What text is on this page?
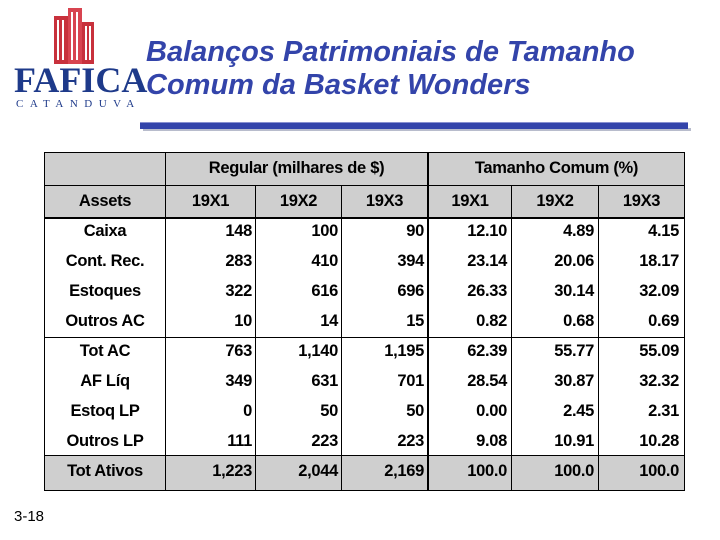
FAFICA
CATANDUVA
Balanços Patrimoniais de Tamanho
Comum da Basket Wonders
Regular (milhares de $)	Tamanho Comum (%)
Assets	19X1	19X2	19X3	19X1	19X2	19X3
Caixa	148	100	90	12.10	4.89	4.15
Cont. Rec.	283	410	394	23.14	20.06	18.17
Estoques	322	616	696	26.33	30.14	32.09
Outros AC	10	14	15	0.82	0.68	0.69
Tot AC	763	1,140	1,195	62.39	55.77	55.09
AF Líq	349	631	701	28.54	30.87	32.32
Estoq LP	0	50	50	0.00	2.45	2.31
Outros LP	111	223	223	9.08	10.91	10.28
Tot Ativos	1,223	2,044	2,169	100.0	100.0	100.0
3-18
